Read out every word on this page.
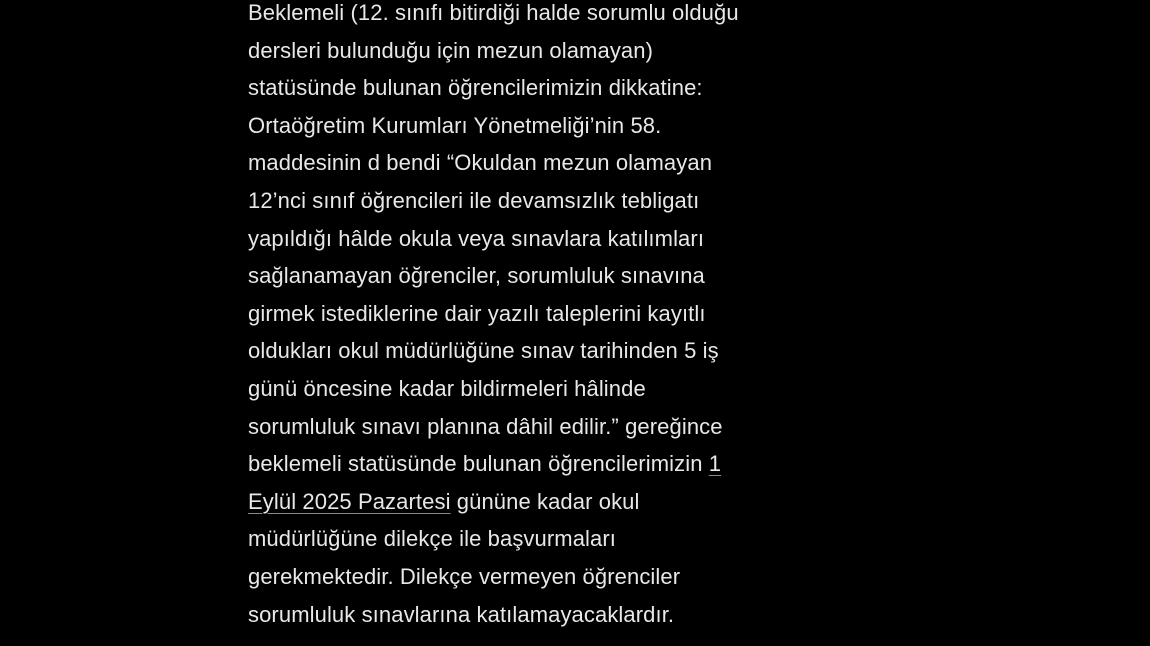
Beklemeli (12. sınıfı bitirdiği halde sorumlu olduğu
dersleri bulunduğu için mezun olamayan)
statüsünde bulunan öğrencilerimizin dikkatine:
Ortaöğretim Kurumları Yönetmeliği’nin 58.
maddesinin d bendi “Okuldan mezun olamayan
12’nci sınıf öğrencileri ile devamsızlık tebligatı
yapıldığı hâlde okula veya sınavlara katılımları
sağlanamayan öğrenciler, sorumluluk sınavına
girmek istediklerine dair yazılı taleplerini kayıtlı
oldukları okul müdürlüğüne sınav tarihinden 5 iş
günü öncesine kadar bildirmeleri hâlinde
sorumluluk sınavı planına dâhil edilir.” gereğince
beklemeli statüsünde bulunan öğrencilerimizin 1
Eylül 2025 Pazartesi gününe kadar okul
müdürlüğüne dilekçe ile başvurmaları
gerekmektedir. Dilekçe vermeyen öğrenciler
sorumluluk sınavlarına katılamayacaklardır.
